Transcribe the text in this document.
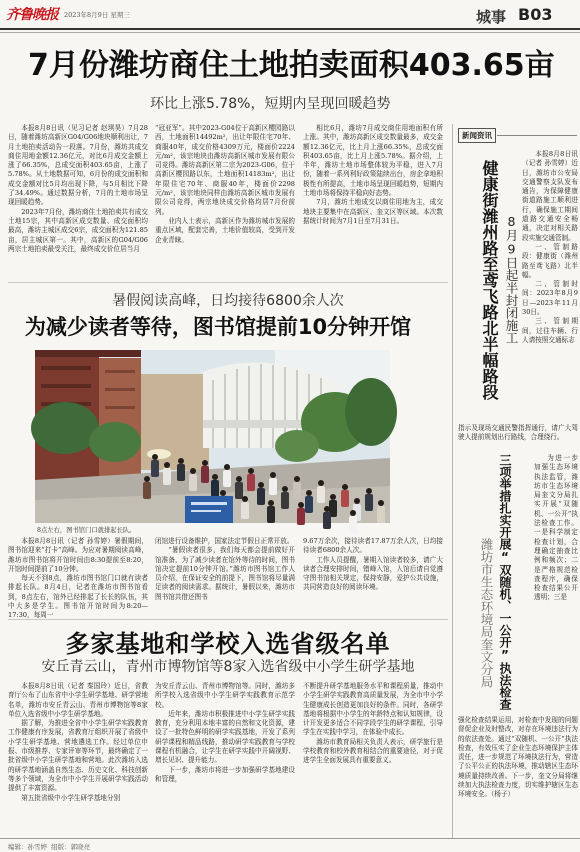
齐鲁晚报 2023年8月9日 星期三	城事 B03
7月份潍坊商住土地拍卖面积403.65亩
环比上涨5.78%，短期内呈现回暖趋势

本报8月8日讯（见习记者 赵琪昊）7月28日，随着潍坊高新区G04/G06地块顺利出让，7月土地拍卖活动告一段落。7月份，潍坊共成交商住用地金额12.36亿元，对比6月成交金额上涨了66.35%，总成交面积403.65亩，上涨了5.78%。从土地数据可知，6月份的成交面积和成交金额对比5月均出现下降，与5月相比下降了34.49%。通过数据分析，7月的土地市场呈现回暖趋势。

2023年7月份，潍坊商住土地拍卖共有成交土地15宗，其中高新区成交数量、成交面积均最高，潍坊主城区成交6宗，成交面积为121.85亩，居主城区第一。其中，高新区的G04/G06两宗土地拍卖最受关注，最终成交价位居当月

“冠亚军”。其中2023-G04位于高新区樱园路以西，土地面积14492m²，出让年限住宅70年、商服40年，成交价格4309万元，楼面价2224元/m²，该宗地块由潍坊高新区城市发展有限公司竞得。潍坊高新区第二宗为2023-G06，位于高新区樱园路以东，土地面积14183m²，出让年限住宅70年、商服40年，楼面价2298元/m²，该宗地块同样由潍坊高新区城市发展有限公司竞得，两宗地块成交价格均居7月份前列。

业内人士表示，高新区作为潍坊城市发展的重点区域，配套完善，土地价值较高，受到开发企业青睐。

相比6月，潍坊7月成交商住用地面积有所上涨。其中，潍坊高新区成交数量最多，成交金额12.36亿元，比上月上涨66.35%，总成交面积403.65亩，比上月上涨5.78%。据介绍，上半年，潍坊土地市场整体较为平稳，进入7月份，随着一系列利好政策陆续出台，房企拿地积极性有所提高，土地市场呈现回暖趋势，短期内土地市场将保持平稳向好态势。

7月，潍坊土地成交以商住用地为主，成交地块主要集中在高新区、奎文区等区域。本次数据统计时间为7月1日至7月31日。

暑假阅读高峰，日均接待6800余人次
为减少读者等待，图书馆提前10分钟开馆
8点左右，图书馆门口就排起长队。

本报8月8日讯（记者 孙雪婷）暑假期间，图书馆迎来“打卡”高峰。为应对暑期阅读高峰，潍坊市图书馆将开馆时间由8:30提前至8:20，开馆时间提前了10分钟。

每天不到8点，潍坊市图书馆门口就有读者排起长队。8月4日，记者在潍坊市图书馆看到，8点左右，馆外已经排起了长长的队伍，其中大多是学生。图书馆开馆时间为8:20—17:30，每周一

闭馆进行设备维护，国家法定节假日正常开放。

“暑假读者很多，我们每天都会提前做好开馆准备，为了减少读者在馆外等待的时间，图书馆决定提前10分钟开馆。”潍坊市图书馆工作人员介绍，在保证安全的前提下，图书馆将尽量满足读者的阅读需求。据统计，暑假以来，潍坊市图书馆共借还图书

9.67万余次，接待读者17.87万余人次，日均接待读者6800余人次。

工作人员提醒，暑期入馆读者较多，请广大读者合理安排时间，错峰入馆，入馆后请自觉遵守图书馆相关规定，保持安静，爱护公共设施，共同营造良好的阅读环境。

多家基地和学校入选省级名单
安丘青云山，青州市博物馆等8家入选省级中小学生研学基地

本报8月8日讯（记者 秦国玲）近日，省教育厅公布了山东省中小学生研学基地、研学营地名单，潍坊市安丘青云山、青州市博物馆等8家单位入选省级中小学生研学基地。

据了解，为推进全省中小学生研学实践教育工作健康有序发展，省教育厅组织开展了省级中小学生研学基地、营地遴选工作。经过单位申报、市级推荐、专家评审等环节，最终确定了一批省级中小学生研学基地和营地。此次潍坊入选的研学基地涵盖自然生态、历史文化、科技创新等多个领域，为全市中小学生开展研学实践活动提供了丰富资源。

第五批省级中小学生研学基地分别

为安丘青云山、青州市博物馆等。同时，潍坊多所学校入选省级中小学生研学实践教育示范学校。

近年来，潍坊市积极推进中小学生研学实践教育，充分利用本地丰富的自然和文化资源，建设了一批特色鲜明的研学实践基地，开发了系列研学课程和精品线路，推动研学实践教育与学校课程有机融合，让学生在研学实践中开阔视野、增长见识、提升能力。

下一步，潍坊市将进一步加强研学基地建设和管理，

不断提升研学基地服务水平和课程质量，推动中小学生研学实践教育高质量发展，为全市中小学生健康成长创造更加良好的条件。同时，各研学基地将根据中小学生的年龄特点和认知规律，设计开发更多适合不同学段学生的研学课程，引导学生在实践中学习，在体验中成长。

潍坊市教育局相关负责人表示，研学旅行是学校教育和校外教育相结合的重要途径，对于促进学生全面发展具有重要意义。

新闻资讯
健康街潍州路至鸢飞路北半幅路段 8月9日起半封闭施工

本报8月8日讯（记者 孙雪婷）近日，潍坊市公安局交通警察支队发布通告，为保障健康街道路施工顺利进行，确保施工期间道路交通安全畅通，决定对相关路段实施交通管制。

一、管制路段：健康街（潍州路至鸢飞路）北半幅。

二、管制时间：2023年8月9日—2023年11月30日。

三、管制期间，过往车辆、行人请按照交通标志

指示及现场交通民警指挥通行，请广大驾驶人提前规划出行路线，合理绕行。

潍坊市生态环境局奎文分局 三项举措扎实开展“双随机、一公开”执法检查	为进一步加强生态环境执法监管，潍坊市生态环境局奎文分局扎实开展“双随机、一公开”执法检查工作。一是科学制定检查计划，合理确定抽查比例和频次；二是严格规范检查程序，确保检查结果公开透明；三是

强化检查结果运用，对检查中发现的问题督促企业及时整改，对存在环境违法行为的依法查处。通过“双随机、一公开”执法检查，有效压实了企业生态环境保护主体责任，进一步规范了环境执法行为，营造了公平公正的执法环境，推动辖区生态环境质量持续改善。下一步，奎文分局将继续加大执法检查力度，切实维护辖区生态环境安全。（杨子）

编辑：孙雪婷  组版：郭晓亮
